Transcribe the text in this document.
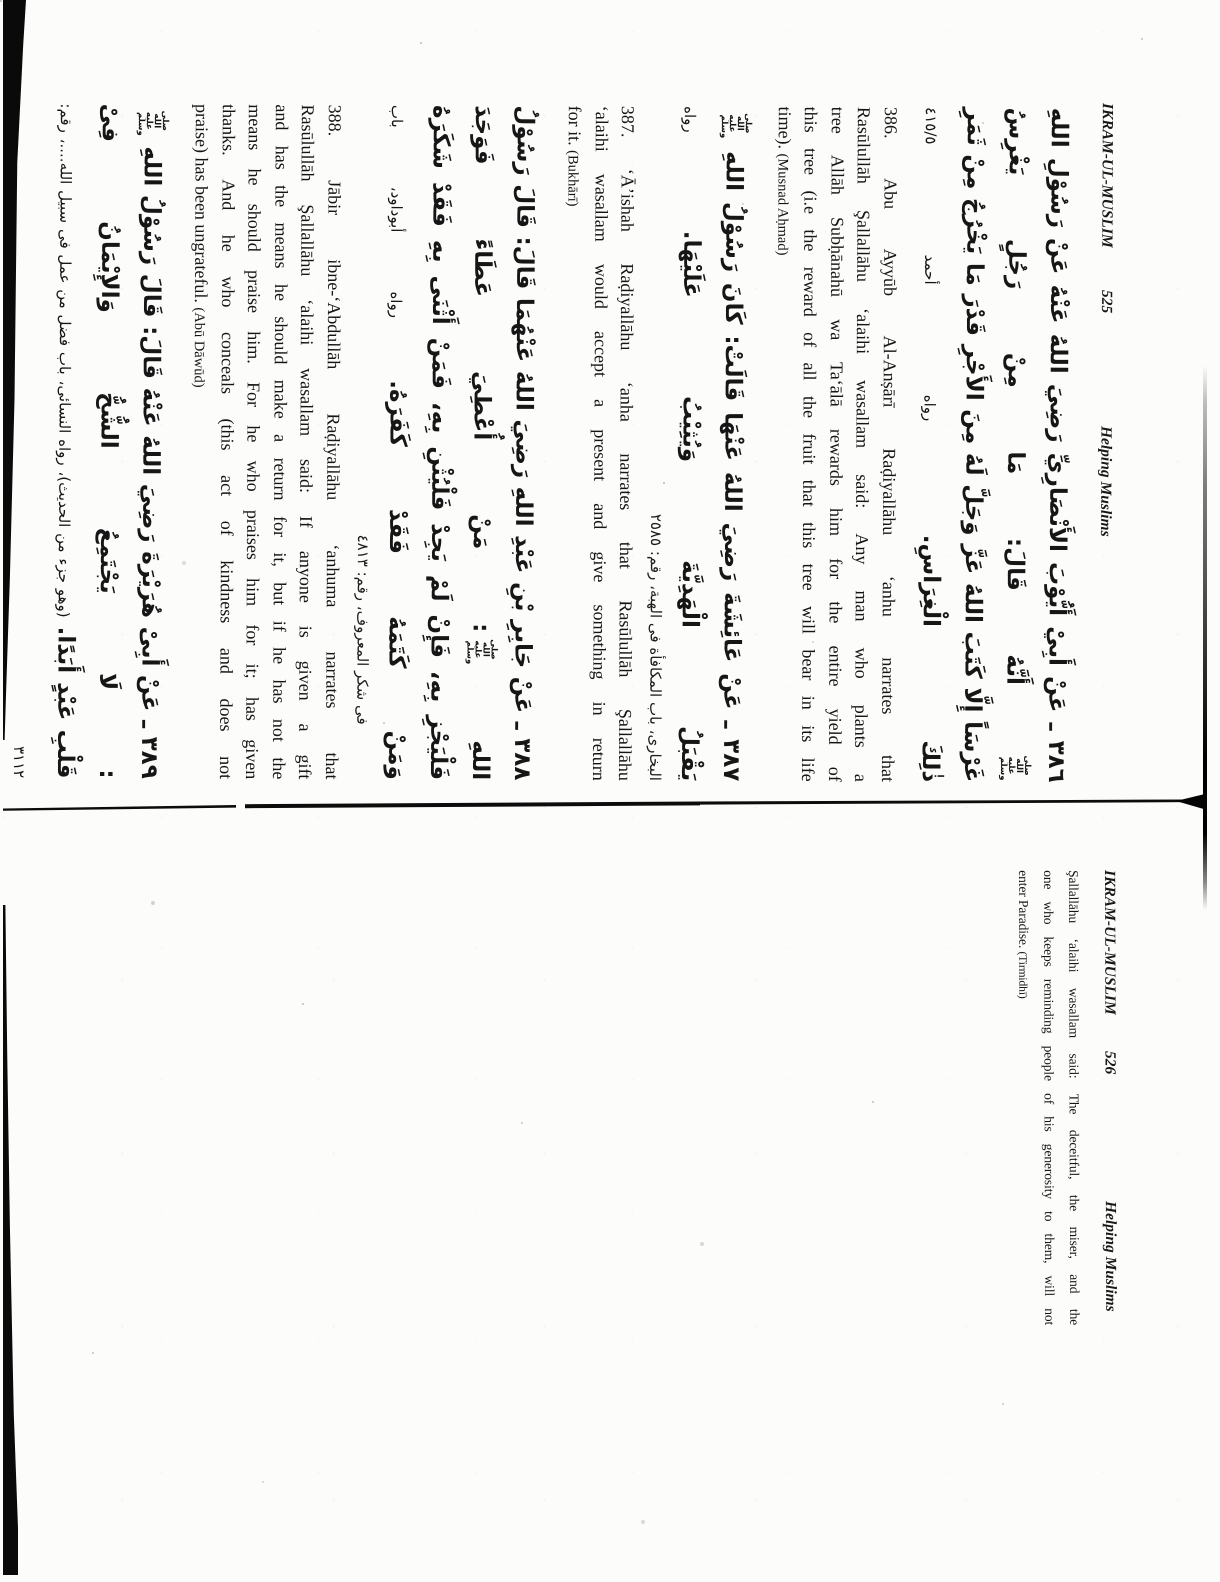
IKRAM-UL-MUSLIM
525
Helping Muslims
٣٨٦ ـ عَنْ أَبِيْ أَيُّوْبَ الأَنْصَارِيِّ رَضِيَ اللهُ عَنْهُ عَنْ رَسُوْلِ اللهِ صلى الله عليه وسلم أَنَّهُ قَالَ: مَا مِنْ رَجُلٍ يَغْرِسُ
غَرْسَاً إِلَّا كَتَبَ اللهُ عَزَّ وَجَلَّ لَهُ مِنَ الأَجْرِ قَدْرَ مَا يَخْرُجُ مِنْ ثَمَرِ ذٰلِكَ الْغِرَاسِ. رواه أحمد ٤١٥/٥
386. Abu Ayyūb Al-Anṣārī Raḍiyallāhu ‘anhu narrates that
Rasūlullāh Şallallāhu ‘alaihi wasallam said: Any man who plants a
tree Allāh Subḥānahū wa Ta‘ālā rewards him for the entire yield of
this tree (i.e the reward of all the fruit that this tree will bear in its life
time). (Musnad Aḥmad)
٣٨٧ ـ عَنْ عَائِشَةَ رَضِيَ اللهُ عَنْهَا قَالَتْ: كَانَ رَسُوْلُ اللهِ صلى الله عليه وسلم يَقْبَلُ الْهَدِيَّةَ وَيُثِيْبُ عَلَيْهَا. رواه
البخارى، باب المكافأة فى الهبة، رقم: ٢٥٨٥
387. ‘Ā’ishah Raḍiyallāhu ‘anha narrates that Rasūlullāh Şallallāhu
‘alaihi wasallam would accept a present and give something in return
for it. (Bukhārī)
٣٨٨ ـ عَنْ جَابِرِ بْنِ عَبْدِ اللهِ رَضِيَ اللهُ عَنْهُمَا قَالَ: قَالَ رَسُوْلُ اللهِ صلى الله عليه وسلم: مَنْ أُعْطِيَ عَطَاءً فَوَجَدَ
فَلْيَجْزِ بِهِ، فَإِنْ لَمْ يَجِدْ فَلْيُثْنِ بِهِ، فَمَنْ أَثْنَى بِهِ فَقَدْ شَكَرَهُ وَمَنْ كَتَمَهُ فَقَدْ كَفَرَهُ. رواه أبوداود، باب
فى شكر المعروف، رقم: ٤٨١٣
388. Jābir ibne-‘Abdullāh Raḍiyallāhu ‘anhuma narrates that
Rasūlullāh Şallallāhu ‘alaihi wasallam said: If anyone is given a gift
and has the means he should make a return for it, but if he has not the
means he should praise him. For he who praises him for it; has given
thanks. And he who conceals (this act of kindness and does not
praise) has been ungrateful. (Abū Dāwūd)
٣٨٩ ـ عَنْ أَبِىْ هُرَيْرَةَ رَضِيَ اللهُ عَنْهُ قَالَ: قَالَ رَسُوْلُ اللهِ صلى الله عليه وسلم: لَا يَجْتَمِعُ الشُّحُّ وَالإِيْمَانُ فِىْ
قَلْبِ عَبْدٍ أَبَدًا. (وهو جزء من الحديث)، رواه النسائى، باب فضل من عمل فى سبيل الله....، رقم: ٣١١٢
IKRAM-UL-MUSLIM
526
Helping Muslims
Şallallāhu ‘alaihi wasallam said: The deceitful, the miser, and the
one who keeps reminding people of his generosity to them, will not
enter Paradise. (Tirmidhī)
